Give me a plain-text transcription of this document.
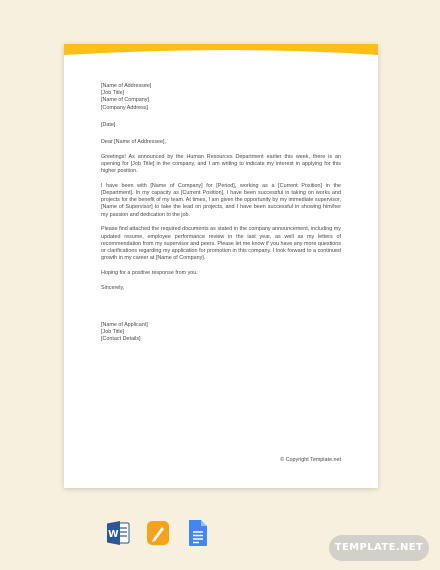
[Name of Addressee]
[Job Title]
[Name of Company]
[Company Address]
[Date]
Dear [Name of Addressee],

Greetings! As announced by the Human Resources Department earlier this week, there is an opening for [Job Title] in the company, and I am writing to indicate my interest in applying for this higher position.

I have been with [Name of Company] for [Period], working as a [Current Position] in the [Department]. In my capacity as [Current Position], I have been successful in taking on works and projects for the benefit of my team. At times, I am given the opportunity by my immediate supervisor, [Name of Supervisor] to take the lead on projects, and I have been successful in showing him/her my passion and dedication to the job.

Please find attached the required documents as stated in the company announcement, including my updated resume, employee performance review in the last year, as well as my letters of recommendation from my supervisor and peers. Please let me know if you have any more questions or clarifications regarding my application for promotion in this company. I look forward to a continued growth in my career at [Name of Company].

Hoping for a positive response from you.

Sincerely,
[Name of Applicant]
[Job Title]
[Contact Details]
© Copyright Template.net
W
TEMPLATE.NET
